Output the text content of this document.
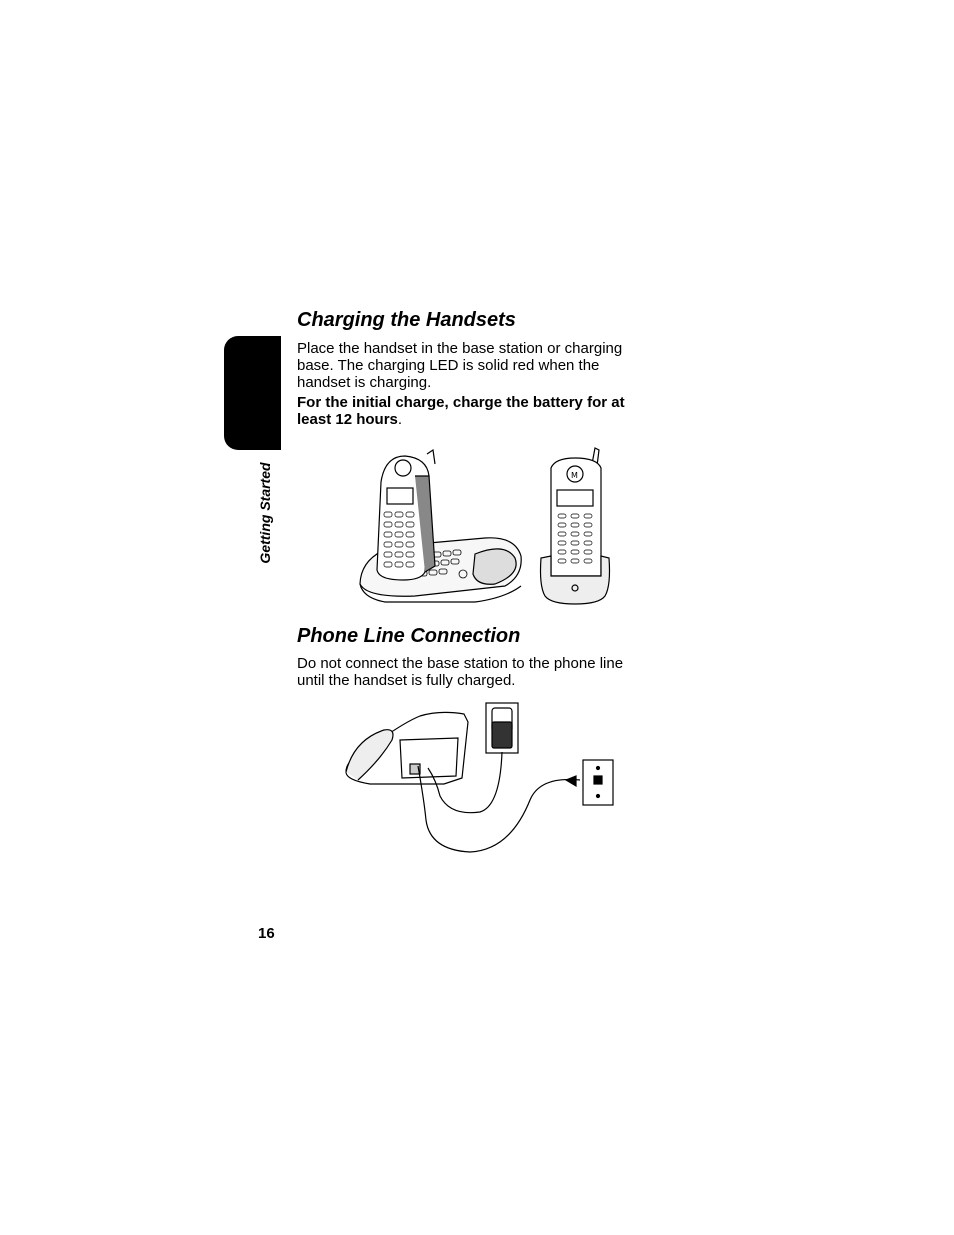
Getting Started
Charging the Handsets

Place the handset in the base station or charging base. The charging LED is solid red when the handset is charging.

For the initial charge, charge the battery for at least 12 hours.

M
Phone Line Connection

Do not connect the base station to the phone line until the handset is fully charged.

16
